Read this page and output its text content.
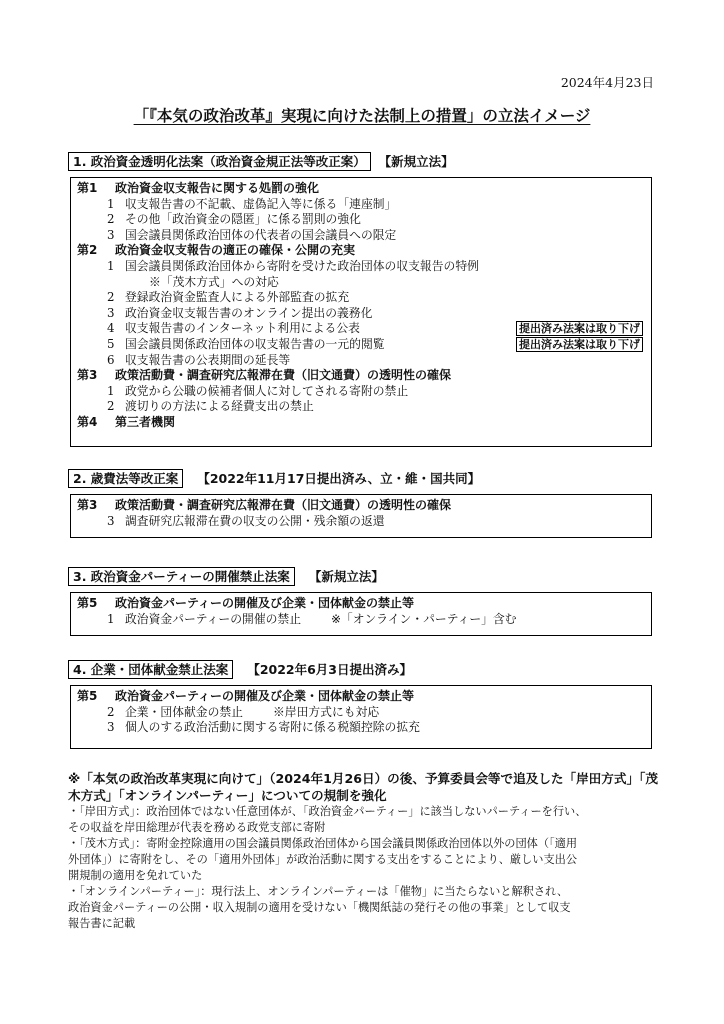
2024年4月23日
「『本気の政治改革』実現に向けた法制上の措置」の立法イメージ
1. 政治資金透明化法案（政治資金規正法等改正案） 【新規立法】
第1 政治資金収支報告に関する処罰の強化
1 収支報告書の不記載、虚偽記入等に係る「連座制」
2 その他「政治資金の隠匿」に係る罰則の強化
3 国会議員関係政治団体の代表者の国会議員への限定
第2 政治資金収支報告の適正の確保・公開の充実
1 国会議員関係政治団体から寄附を受けた政治団体の収支報告の特例
※「茂木方式」への対応
2 登録政治資金監査人による外部監査の拡充
3 政治資金収支報告書のオンライン提出の義務化
4 収支報告書のインターネット利用による公表	提出済み法案は取り下げ
5 国会議員関係政治団体の収支報告書の一元的閲覧	提出済み法案は取り下げ
6 収支報告書の公表期間の延長等
第3 政策活動費・調査研究広報滞在費（旧文通費）の透明性の確保
1 政党から公職の候補者個人に対してされる寄附の禁止
2 渡切りの方法による経費支出の禁止
第4 第三者機関
2. 歳費法等改正案 【2022年11月17日提出済み、立・維・国共同】
第3 政策活動費・調査研究広報滞在費（旧文通費）の透明性の確保
3 調査研究広報滞在費の収支の公開・残余額の返還
3. 政治資金パーティーの開催禁止法案 【新規立法】
第5 政治資金パーティーの開催及び企業・団体献金の禁止等
1 政治資金パーティーの開催の禁止	※「オンライン・パーティー」含む
4. 企業・団体献金禁止法案 【2022年6月3日提出済み】
第5 政治資金パーティーの開催及び企業・団体献金の禁止等
2 企業・団体献金の禁止	※岸田方式にも対応
3 個人のする政治活動に関する寄附に係る税額控除の拡充
※「本気の政治改革実現に向けて」（2024年1月26日）の後、予算委員会等で追及した「岸田方式」「茂木方式」「オンラインパーティー」についての規制を強化
・「岸田方式」：政治団体ではない任意団体が、「政治資金パーティー」に該当しないパーティーを行い、
その収益を岸田総理が代表を務める政党支部に寄附
・「茂木方式」：寄附金控除適用の国会議員関係政治団体から国会議員関係政治団体以外の団体（「適用
外団体」）に寄附をし、その「適用外団体」が政治活動に関する支出をすることにより、厳しい支出公
開規制の適用を免れていた
・「オンラインパーティー」：現行法上、オンラインパーティーは「催物」に当たらないと解釈され、
政治資金パーティーの公開・収入規制の適用を受けない「機関紙誌の発行その他の事業」として収支
報告書に記載
